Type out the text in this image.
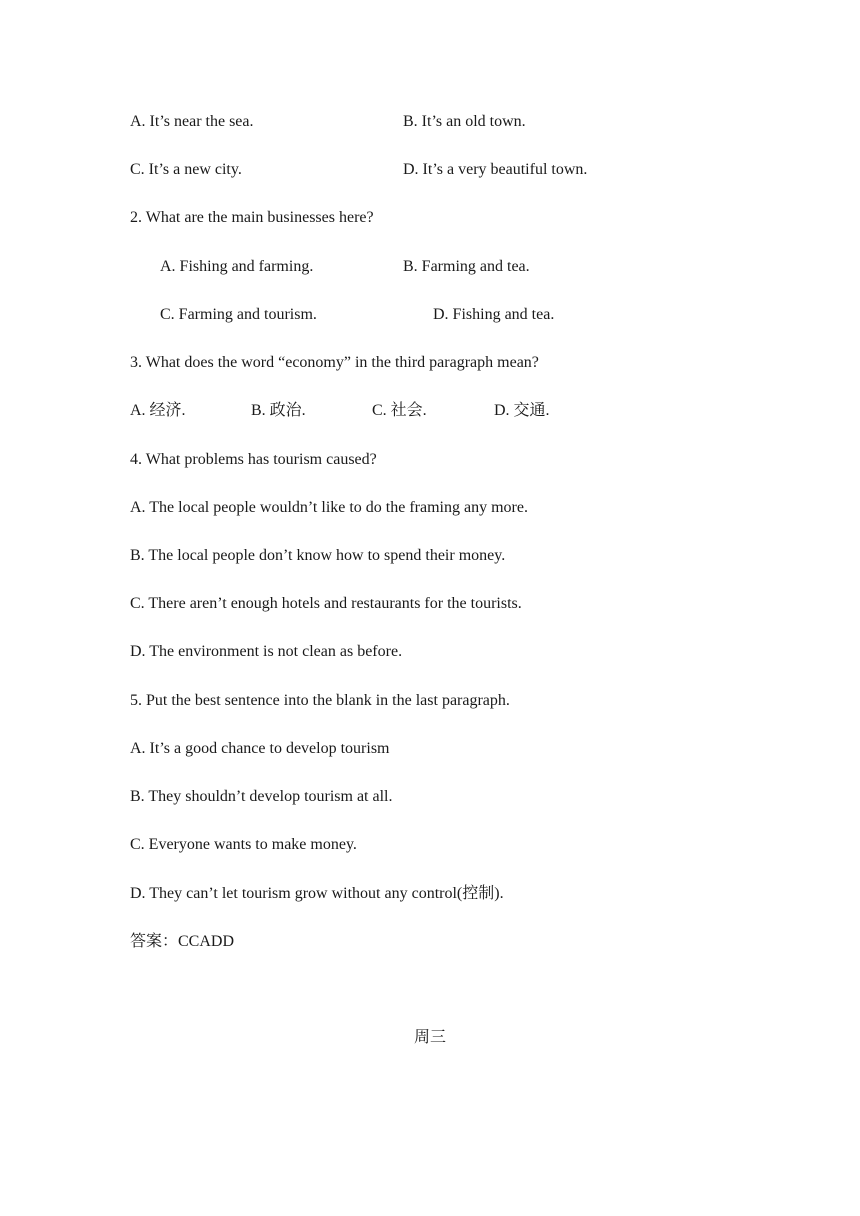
A. It’s near the sea.	B. It’s an old town.
C. It’s a new city.	D. It’s a very beautiful town.
2. What are the main businesses here?
A. Fishing and farming.	B. Farming and tea.
C. Farming and tourism.	D. Fishing and tea.
3. What does the word “economy” in the third paragraph mean?
A. 经济.	B. 政治.	C. 社会.	D. 交通.
4. What problems has tourism caused?
A. The local people wouldn’t like to do the framing any more.
B. The local people don’t know how to spend their money.
C. There aren’t enough hotels and restaurants for the tourists.
D. The environment is not clean as before.
5. Put the best sentence into the blank in the last paragraph.
A. It’s a good chance to develop tourism
B. They shouldn’t develop tourism at all.
C. Everyone wants to make money.
D. They can’t let tourism grow without any control(控制).
答案：CCADD
周三
